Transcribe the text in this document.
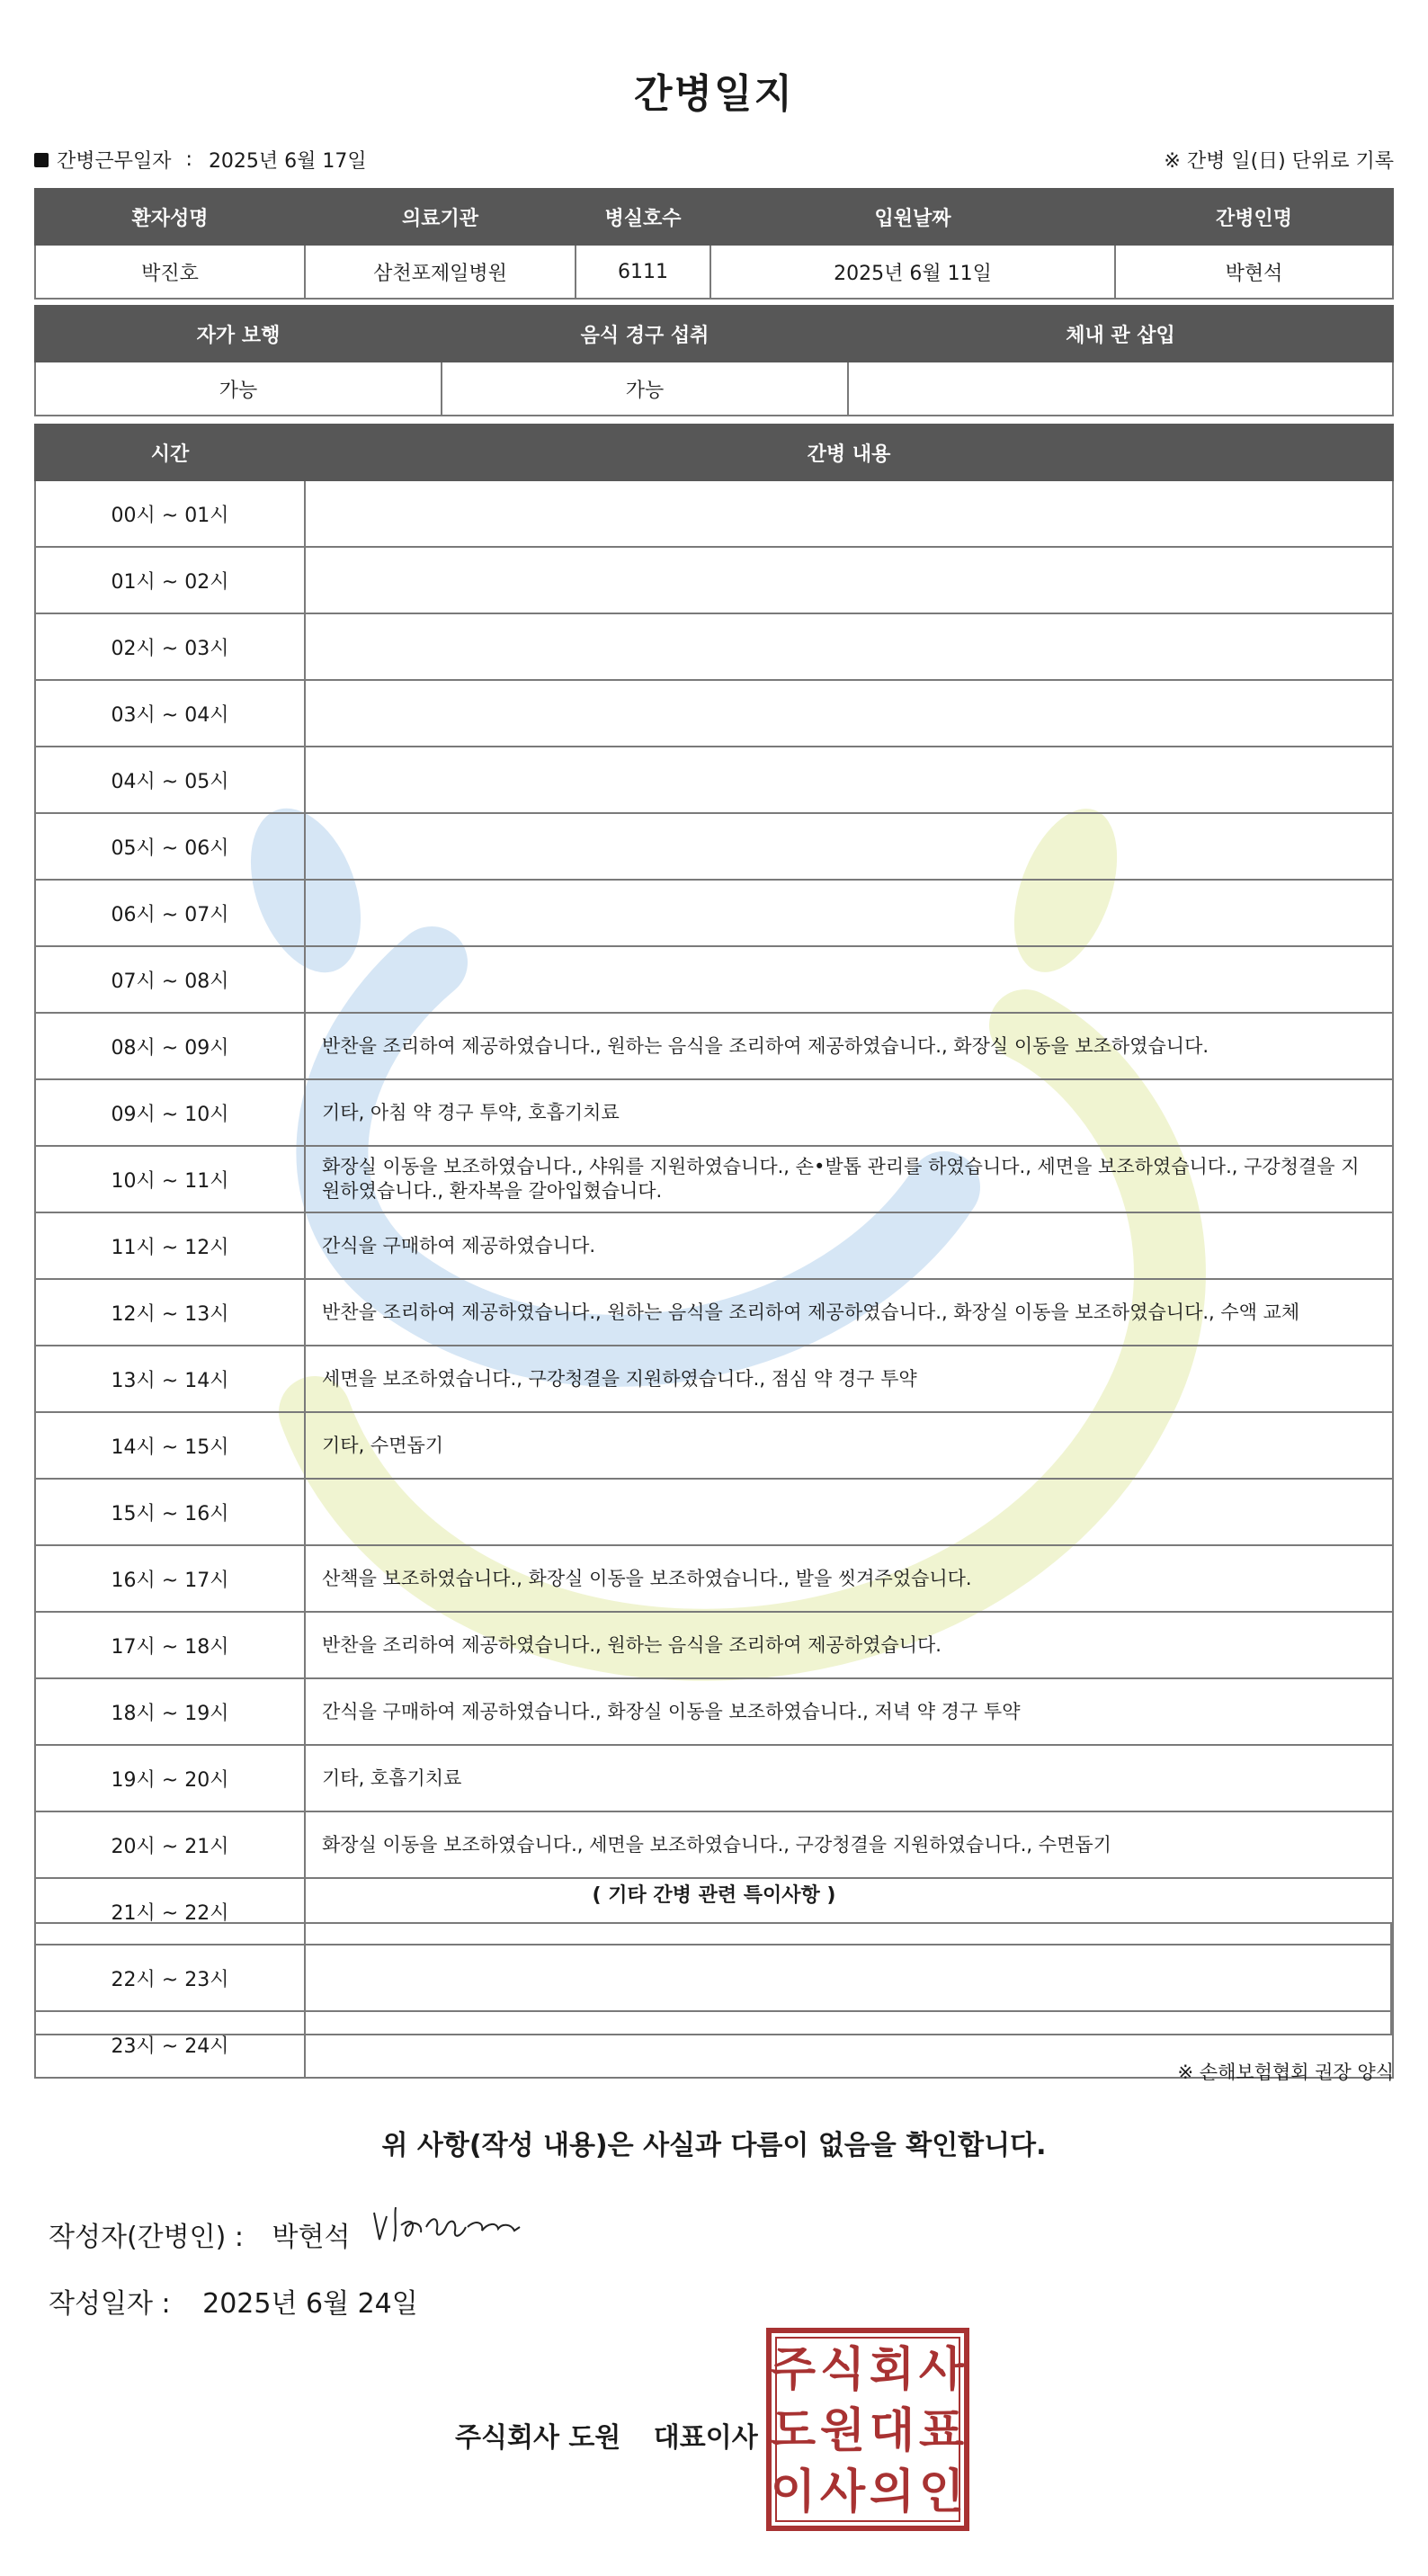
간병일지
간병근무일자 : 2025년 6월 17일	※ 간병 일(日) 단위로 기록
환자성명	의료기관	병실호수	입원날짜	간병인명
박진호	삼천포제일병원	6111	2025년 6월 11일	박현석
자가 보행	음식 경구 섭취	체내 관 삽입
가능	가능	
시간	간병 내용
00시 ~ 01시	
01시 ~ 02시	
02시 ~ 03시	
03시 ~ 04시	
04시 ~ 05시	
05시 ~ 06시	
06시 ~ 07시	
07시 ~ 08시	
08시 ~ 09시	반찬을 조리하여 제공하였습니다., 원하는 음식을 조리하여 제공하였습니다., 화장실 이동을 보조하였습니다.
09시 ~ 10시	기타, 아침 약 경구 투약, 호흡기치료
10시 ~ 11시	화장실 이동을 보조하였습니다., 샤워를 지원하였습니다., 손•발톱 관리를 하였습니다., 세면을 보조하였습니다., 구강청결을 지원하였습니다., 환자복을 갈아입혔습니다.
11시 ~ 12시	간식을 구매하여 제공하였습니다.
12시 ~ 13시	반찬을 조리하여 제공하였습니다., 원하는 음식을 조리하여 제공하였습니다., 화장실 이동을 보조하였습니다., 수액 교체
13시 ~ 14시	세면을 보조하였습니다., 구강청결을 지원하였습니다., 점심 약 경구 투약
14시 ~ 15시	기타, 수면돕기
15시 ~ 16시	
16시 ~ 17시	산책을 보조하였습니다., 화장실 이동을 보조하였습니다., 발을 씻겨주었습니다.
17시 ~ 18시	반찬을 조리하여 제공하였습니다., 원하는 음식을 조리하여 제공하였습니다.
18시 ~ 19시	간식을 구매하여 제공하였습니다., 화장실 이동을 보조하였습니다., 저녁 약 경구 투약
19시 ~ 20시	기타, 호흡기치료
20시 ~ 21시	화장실 이동을 보조하였습니다., 세면을 보조하였습니다., 구강청결을 지원하였습니다., 수면돕기
21시 ~ 22시	
22시 ~ 23시	
23시 ~ 24시	
( 기타 간병 관련 특이사항 )
※ 손해보험협회 권장 양식
위 사항(작성 내용)은 사실과 다름이 없음을 확인합니다.
작성자(간병인) : 박현석
작성일자 : 2025년 6월 24일
주식회사 도원 대표이사
주 식 회 사
도 원 대 표
이 사 의 인
